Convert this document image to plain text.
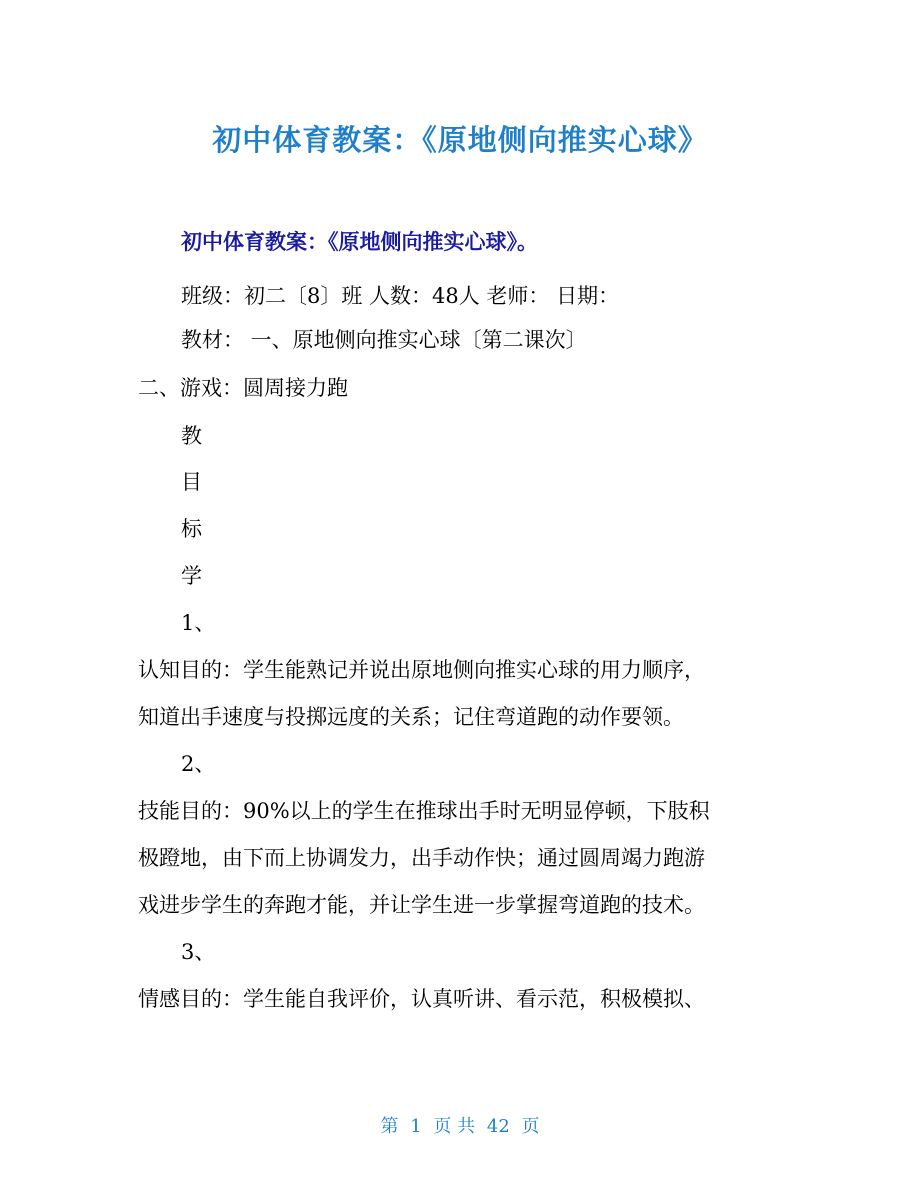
初中体育教案：《原地侧向推实心球》
初中体育教案：《原地侧向推实心球》。
班级：初二〔8〕班 人数：48人 老师： 日期：
教材： 一、原地侧向推实心球〔第二课次〕
二、游戏：圆周接力跑
教
目
标
学
1、
认知目的：学生能熟记并说出原地侧向推实心球的用力顺序，
知道出手速度与投掷远度的关系；记住弯道跑的动作要领。
2、
技能目的：90%以上的学生在推球出手时无明显停顿，下肢积
极蹬地，由下而上协调发力，出手动作快；通过圆周竭力跑游
戏进步学生的奔跑才能，并让学生进一步掌握弯道跑的技术。
3、
情感目的：学生能自我评价，认真听讲、看示范，积极模拟、
第 1 页 共 42 页
